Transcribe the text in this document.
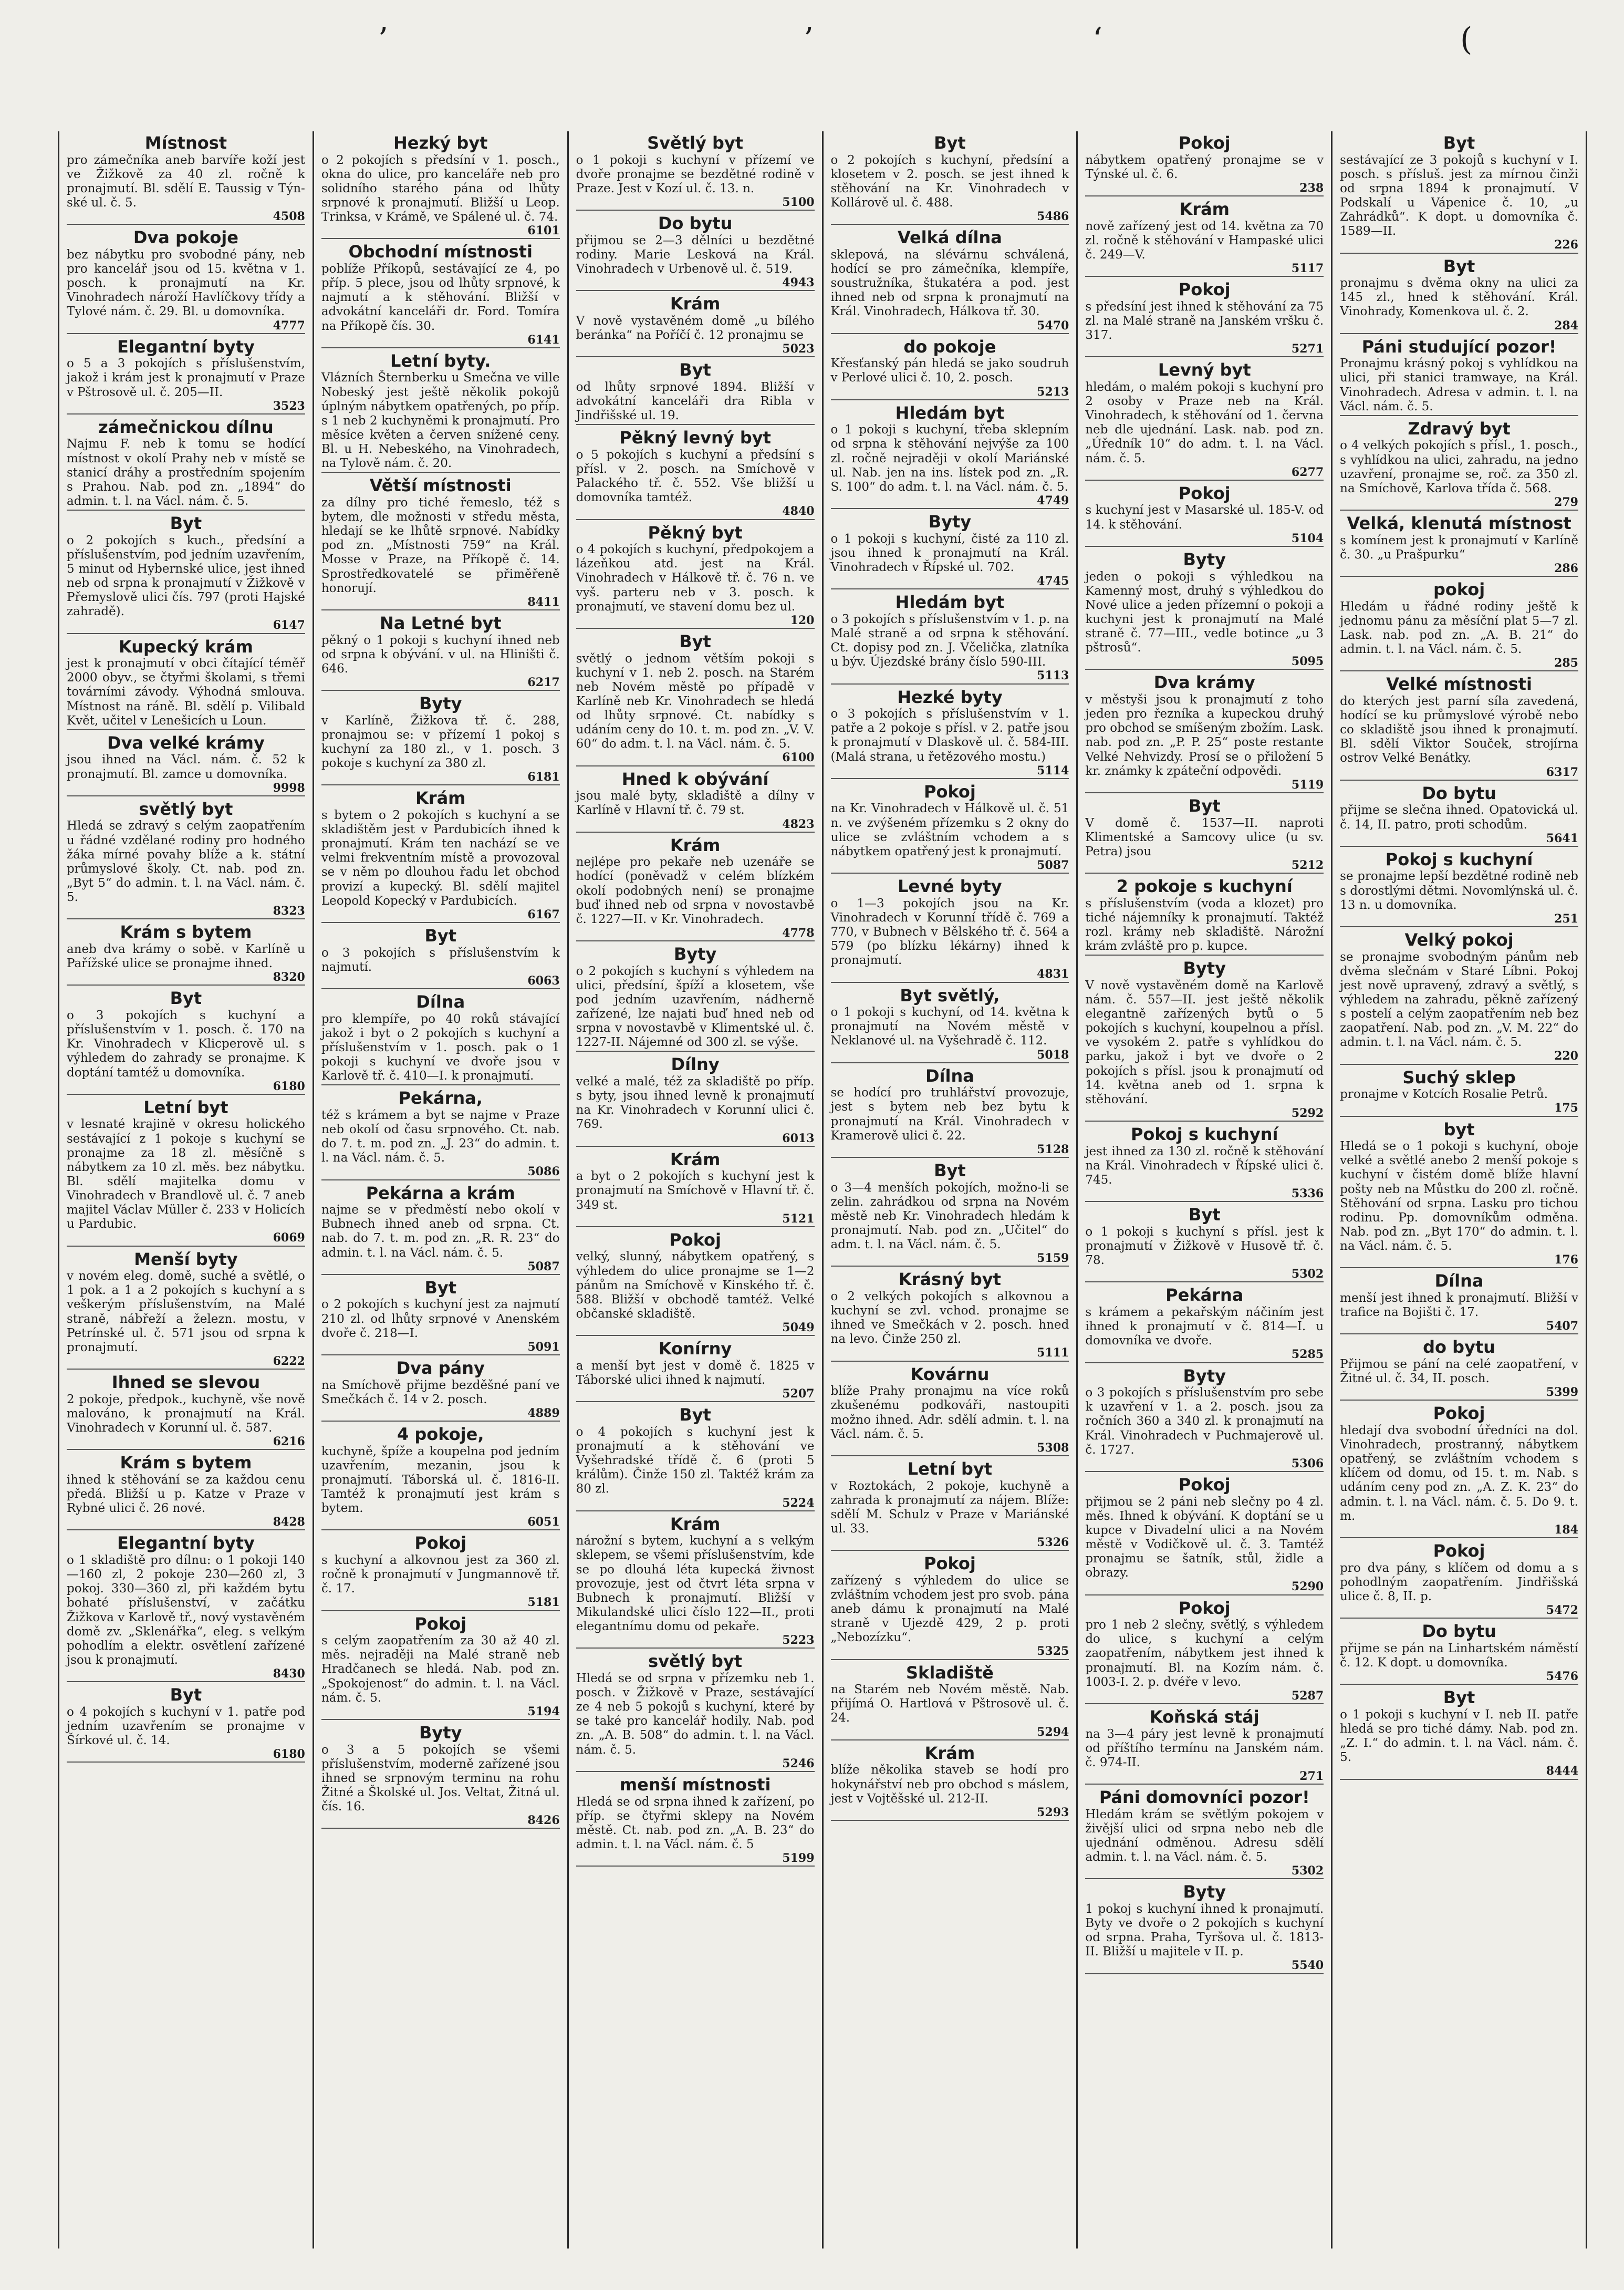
’	’	ʻ	(
Místnost

pro zámečníka aneb barvíře koží jest ve Žižkově za 40 zl. ročně k pronajmutí. Bl. sdělí E. Taussig v Týn-ské ul. č. 5.

4508
Dva pokoje

bez nábytku pro svobodné pány, neb pro kancelář jsou od 15. května v 1. posch. k pronajmutí na Kr. Vinohradech nároží Havlíčkovy třídy a Tylové nám. č. 29. Bl. u domovníka.

4777
Elegantní byty

o 5 a 3 pokojích s příslušenstvím, jakož i krám jest k pronajmutí v Praze v Pštrosově ul. č. 205—II.

3523
zámečnickou dílnu

Najmu F. neb k tomu se hodící místnost v okolí Prahy neb v místě se stanicí dráhy a prostředním spojením s Prahou. Nab. pod zn. „1894“ do admin. t. l. na Václ. nám. č. 5.

Byt

o 2 pokojích s kuch., předsíní a příslušenstvím, pod jedním uzavřením, 5 minut od Hybernské ulice, jest ihned neb od srpna k pronajmutí v Žižkově v Přemyslově ulici čís. 797 (proti Hajské zahradě).

6147
Kupecký krám

jest k pronajmutí v obci čítající téměř 2000 obyv., se čtyřmi školami, s třemi továrními závody. Výhodná smlouva. Místnost na ráně. Bl. sdělí p. Vilibald Květ, učitel v Lenešicích u Loun.

Dva velké krámy

jsou ihned na Václ. nám. č. 52 k pronajmutí. Bl. zamce u domovníka.

9998
světlý byt

Hledá se zdravý s celým zaopatřením u řádné vzdělané rodiny pro hodného žáka mírné povahy blíže a k. státní průmyslové školy. Ct. nab. pod zn. „Byt 5“ do admin. t. l. na Václ. nám. č. 5.

8323
Krám s bytem

aneb dva krámy o sobě. v Karlíně u Pařížské ulice se pronajme ihned.

8320
Byt

o 3 pokojích s kuchyní a příslušenstvím v 1. posch. č. 170 na Kr. Vinohradech v Klicperově ul. s výhledem do zahrady se pronajme. K doptání tamtéž u domovníka.

6180
Letní byt

v lesnaté krajině v okresu holického sestávající z 1 pokoje s kuchyní se pronajme za 18 zl. měsíčně s nábytkem za 10 zl. měs. bez nábytku. Bl. sdělí majitelka domu v Vinohradech v Brandlově ul. č. 7 aneb majitel Václav Müller č. 233 v Holicích u Pardubic.

6069
Menší byty

v novém eleg. domě, suché a světlé, o 1 pok. a 1 a 2 pokojích s kuchyní a s veškerým příslušenstvím, na Malé straně, nábřeží a železn. mostu, v Petrínské ul. č. 571 jsou od srpna k pronajmutí.

6222
Ihned se slevou

2 pokoje, předpok., kuchyně, vše nově malováno, k pronajmutí na Král. Vinohradech v Korunní ul. č. 587.

6216
Krám s bytem

ihned k stěhování se za každou cenu předá. Bližší u p. Katze v Praze v Rybné ulici č. 26 nové.

8428
Elegantní byty

o 1 skladiště pro dílnu: o 1 pokoji 140—160 zl, 2 pokoje 230—260 zl, 3 pokoj. 330—360 zl, při každém bytu bohaté příslušenství, v začátku Žižkova v Karlově tř., nový vystavěném domě zv. „Sklenářka“, eleg. s velkým pohodlím a elektr. osvětlení zařízené jsou k pronajmutí.

8430
Byt

o 4 pokojích s kuchyní v 1. patře pod jedním uzavřením se pronajme v Šírkové ul. č. 14.

6180
Hezký byt

o 2 pokojích s předsíní v 1. posch., okna do ulice, pro kanceláře neb pro solidního starého pána od lhůty srpnové k pronajmutí. Bližší u Leop. Trinksa, v Krámě, ve Spálené ul. č. 74.

6101
Obchodní místnosti

poblíže Příkopů, sestávající ze 4, po příp. 5 plece, jsou od lhůty srpnové, k najmutí a k stěhování. Bližší v advokátní kanceláři dr. Ford. Tomíra na Příkopě čís. 30.

6141
Letní byty.

Vlázních Šternberku u Smečna ve ville Nobeský jest ještě několik pokojů úplným nábytkem opatřených, po příp. s 1 neb 2 kuchyněmi k pronajmutí. Pro měsíce květen a červen snížené ceny. Bl. u H. Nebeského, na Vinohradech, na Tylově nám. č. 20.

Větší místnosti

za dílny pro tiché řemeslo, též s bytem, dle možnosti v středu města, hledají se ke lhůtě srpnové. Nabídky pod zn. „Místnosti 759“ na Král. Mosse v Praze, na Příkopě č. 14. Sprostředkovatelé se přiměřeně honorují.

8411
Na Letné byt

pěkný o 1 pokoji s kuchyní ihned neb od srpna k obývání. v ul. na Hliništi č. 646.

6217
Byty

v Karlíně, Žižkova tř. č. 288, pronajmou se: v přízemí 1 pokoj s kuchyní za 180 zl., v 1. posch. 3 pokoje s kuchyní za 380 zl.

6181
Krám

s bytem o 2 pokojích s kuchyní a se skladištěm jest v Pardubicích ihned k pronajmutí. Krám ten nachází se ve velmi frekventním místě a provozoval se v něm po dlouhou řadu let obchod provizí a kupecký. Bl. sdělí majitel Leopold Kopecký v Pardubicích.

6167
Byt

o 3 pokojích s příslušenstvím k najmutí.

6063
Dílna

pro klempíře, po 40 roků stávající jakož i byt o 2 pokojích s kuchyní a příslušenstvím v 1. posch. pak o 1 pokoji s kuchyní ve dvoře jsou v Karlově tř. č. 410—I. k pronajmutí.

Pekárna,

též s krámem a byt se najme v Praze neb okolí od času srpnového. Ct. nab. do 7. t. m. pod zn. „J. 23“ do admin. t. l. na Václ. nám. č. 5.

5086
Pekárna a krám

najme se v předměstí nebo okolí v Bubnech ihned aneb od srpna. Ct. nab. do 7. t. m. pod zn. „R. R. 23“ do admin. t. l. na Václ. nám. č. 5.

5087
Byt

o 2 pokojích s kuchyní jest za najmutí 210 zl. od lhůty srpnové v Anenském dvoře č. 218—I.

5091
Dva pány

na Smíchově přijme bezděšné paní ve Smečkách č. 14 v 2. posch.

4889
4 pokoje,

kuchyně, špíže a koupelna pod jedním uzavřením, mezanin, jsou k pronajmutí. Táborská ul. č. 1816-II. Tamtéž k pronajmutí jest krám s bytem.

6051
Pokoj

s kuchyní a alkovnou jest za 360 zl. ročně k pronajmutí v Jungmannově tř. č. 17.

5181
Pokoj

s celým zaopatřením za 30 až 40 zl. měs. nejraději na Malé straně neb Hradčanech se hledá. Nab. pod zn. „Spokojenost“ do admin. t. l. na Václ. nám. č. 5.

5194
Byty

o 3 a 5 pokojích se všemi příslušenstvím, moderně zařízené jsou ihned se srpnovým terminu na rohu Žitné a Školské ul. Jos. Veltat, Žitná ul. čís. 16.

8426
Světlý byt

o 1 pokoji s kuchyní v přízemí ve dvoře pronajme se bezdětné rodině v Praze. Jest v Kozí ul. č. 13. n.

5100
Do bytu

přijmou se 2—3 dělníci u bezdětné rodiny. Marie Lesková na Král. Vinohradech v Urbenově ul. č. 519.

4943
Krám

V nově vystavěném domě „u bílého beránka“ na Poříčí č. 12 pronajmu se

5023
Byt

od lhůty srpnové 1894. Bližší v advokátní kanceláři dra Ribla v Jindřišské ul. 19.

Pěkný levný byt

o 5 pokojích s kuchyní a předsíní s přísl. v 2. posch. na Smíchově v Palackého tř. č. 552. Vše bližší u domovníka tamtéž.

4840
Pěkný byt

o 4 pokojích s kuchyní, předpokojem a lázeňkou atd. jest na Král. Vinohradech v Hálkově tř. č. 76 n. ve vyš. parteru neb v 3. posch. k pronajmutí, ve stavení domu bez ul.

120
Byt

světlý o jednom větším pokoji s kuchyní v 1. neb 2. posch. na Starém neb Novém městě po případě v Karlíně neb Kr. Vinohradech se hledá od lhůty srpnové. Ct. nabídky s udáním ceny do 10. t. m. pod zn. „V. V. 60“ do adm. t. l. na Václ. nám. č. 5.

6100
Hned k obývání

jsou malé byty, skladiště a dílny v Karlíně v Hlavní tř. č. 79 st.

4823
Krám

nejlépe pro pekaře neb uzenáře se hodící (poněvadž v celém blízkém okolí podobných není) se pronajme buď ihned neb od srpna v novostavbě č. 1227—II. v Kr. Vinohradech.

4778
Byty

o 2 pokojích s kuchyní s výhledem na ulici, předsíní, špíží a klosetem, vše pod jedním uzavřením, nádherně zařízené, lze najati buď hned neb od srpna v novostavbě v Klimentské ul. č. 1227-II. Nájemné od 300 zl. se výše.

Dílny

velké a malé, též za skladiště po příp. s byty, jsou ihned levně k pronajmutí na Kr. Vinohradech v Korunní ulici č. 769.

6013
Krám

a byt o 2 pokojích s kuchyní jest k pronajmutí na Smíchově v Hlavní tř. č. 349 st.

5121
Pokoj

velký, slunný, nábytkem opatřený, s výhledem do ulice pronajme se 1—2 pánům na Smíchově v Kinského tř. č. 588. Bližší v obchodě tamtéž. Velké občanské skladiště.

5049
Konírny

a menší byt jest v domě č. 1825 v Táborské ulici ihned k najmutí.

5207
Byt

o 4 pokojích s kuchyní jest k pronajmutí a k stěhování ve Vyšehradské třídě č. 6 (proti 5 králům). Činže 150 zl. Taktéž krám za 80 zl.

5224
Krám

nárožní s bytem, kuchyní a s velkým sklepem, se všemi příslušenstvím, kde se po dlouhá léta kupecká živnost provozuje, jest od čtvrt léta srpna v Bubnech k pronajmutí. Bližší v Mikulandské ulici číslo 122—II., proti elegantnímu domu od pekaře.

5223
světlý byt

Hledá se od srpna v přízemku neb 1. posch. v Žižkově v Praze, sestávající ze 4 neb 5 pokojů s kuchyní, které by se také pro kancelář hodily. Nab. pod zn. „A. B. 508“ do admin. t. l. na Václ. nám. č. 5.

5246
menší místnosti

Hledá se od srpna ihned k zařízení, po příp. se čtyřmi sklepy na Novém městě. Ct. nab. pod zn. „A. B. 23“ do admin. t. l. na Václ. nám. č. 5

5199
Byt

o 2 pokojích s kuchyní, předsíní a klosetem v 2. posch. se jest ihned k stěhování na Kr. Vinohradech v Kollárově ul. č. 488.

5486
Velká dílna

sklepová, na slévárnu schválená, hodící se pro zámečníka, klempíře, soustružníka, štukatéra a pod. jest ihned neb od srpna k pronajmutí na Král. Vinohradech, Hálkova tř. 30.

5470
do pokoje

Křesťanský pán hledá se jako soudruh v Perlové ulici č. 10, 2. posch.

5213
Hledám byt

o 1 pokoji s kuchyní, třeba sklepním od srpna k stěhování nejvýše za 100 zl. ročně nejraději v okolí Mariánské ul. Nab. jen na ins. lístek pod zn. „R. S. 100“ do adm. t. l. na Václ. nám. č. 5.

4749
Byty

o 1 pokoji s kuchyní, čisté za 110 zl. jsou ihned k pronajmutí na Král. Vinohradech v Řípské ul. 702.

4745
Hledám byt

o 3 pokojích s příslušenstvím v 1. p. na Malé straně a od srpna k stěhování. Ct. dopisy pod zn. J. Včelička, zlatníka u býv. Újezdské brány číslo 590-III.

5113
Hezké byty

o 3 pokojích s příslušenstvím v 1. patře a 2 pokoje s přísl. v 2. patře jsou k pronajmutí v Dlaskově ul. č. 584-III. (Malá strana, u řetězového mostu.)

5114
Pokoj

na Kr. Vinohradech v Hálkově ul. č. 51 n. ve zvýšeném přízemku s 2 okny do ulice se zvláštním vchodem a s nábytkem opatřený jest k pronajmutí.

5087
Levné byty

o 1—3 pokojích jsou na Kr. Vinohradech v Korunní třídě č. 769 a 770, v Bubnech v Bělského tř. č. 564 a 579 (po blízku lékárny) ihned k pronajmutí.

4831
Byt světlý,

o 1 pokoji s kuchyní, od 14. května k pronajmutí na Novém městě v Neklanové ul. na Vyšehradě č. 112.

5018
Dílna

se hodící pro truhlářství provozuje, jest s bytem neb bez bytu k pronajmutí na Král. Vinohradech v Kramerově ulici č. 22.

5128
Byt

o 3—4 menších pokojích, možno-li se zelin. zahrádkou od srpna na Novém městě neb Kr. Vinohradech hledám k pronajmutí. Nab. pod zn. „Učitel“ do adm. t. l. na Václ. nám. č. 5.

5159
Krásný byt

o 2 velkých pokojích s alkovnou a kuchyní se zvl. vchod. pronajme se ihned ve Smečkách v 2. posch. hned na levo. Činže 250 zl.

5111
Kovárnu

blíže Prahy pronajmu na více roků zkušenému podkováři, nastoupiti možno ihned. Adr. sdělí admin. t. l. na Václ. nám. č. 5.

5308
Letní byt

v Roztokách, 2 pokoje, kuchyně a zahrada k pronajmutí za nájem. Blíže: sdělí M. Schulz v Praze v Mariánské ul. 33.

5326
Pokoj

zařízený s výhledem do ulice se zvláštním vchodem jest pro svob. pána aneb dámu k pronajmutí na Malé straně v Ujezdě 429, 2 p. proti „Nebozízku“.

5325
Skladiště

na Starém neb Novém městě. Nab. přijímá O. Hartlová v Pštrosově ul. č. 24.

5294
Krám

blíže několika staveb se hodí pro hokynářství neb pro obchod s máslem, jest v Vojtěšské ul. 212-II.

5293
Pokoj

nábytkem opatřený pronajme se v Týnské ul. č. 6.

238
Krám

nově zařízený jest od 14. května za 70 zl. ročně k stěhování v Hampaské ulici č. 249—V.

5117
Pokoj

s předsíní jest ihned k stěhování za 75 zl. na Malé straně na Janském vršku č. 317.

5271
Levný byt

hledám, o malém pokoji s kuchyní pro 2 osoby v Praze neb na Král. Vinohradech, k stěhování od 1. června neb dle ujednání. Lask. nab. pod zn. „Úředník 10“ do adm. t. l. na Václ. nám. č. 5.

6277
Pokoj

s kuchyní jest v Masarské ul. 185-V. od 14. k stěhování.

5104
Byty

jeden o pokoji s výhledkou na Kamenný most, druhý s výhledkou do Nové ulice a jeden přízemní o pokoji a kuchyni jest k pronajmutí na Malé straně č. 77—III., vedle botince „u 3 pštrosů“.

5095
Dva krámy

v městyši jsou k pronajmutí z toho jeden pro řezníka a kupeckou druhý pro obchod se smíšeným zbožím. Lask. nab. pod zn. „P. P. 25“ poste restante Velké Nehvizdy. Prosí se o přiložení 5 kr. známky k zpáteční odpovědi.

5119
Byt

V domě č. 1537—II. naproti Klimentské a Samcovy ulice (u sv. Petra) jsou

5212
2 pokoje s kuchyní

s příslušenstvím (voda a klozet) pro tiché nájemníky k pronajmutí. Taktéž rozl. krámy neb skladiště. Nárožní krám zvláště pro p. kupce.

Byty

V nově vystavěném domě na Karlově nám. č. 557—II. jest ještě několik elegantně zařízených bytů o 5 pokojích s kuchyní, koupelnou a přísl. ve vysokém 2. patře s vyhlídkou do parku, jakož i byt ve dvoře o 2 pokojích s přísl. jsou k pronajmutí od 14. května aneb od 1. srpna k stěhování.

5292
Pokoj s kuchyní

jest ihned za 130 zl. ročně k stěhování na Král. Vinohradech v Řípské ulici č. 745.

5336
Byt

o 1 pokoji s kuchyní s přísl. jest k pronajmutí v Žižkově v Husově tř. č. 78.

5302
Pekárna

s krámem a pekařským náčiním jest ihned k pronajmutí v č. 814—I. u domovníka ve dvoře.

5285
Byty

o 3 pokojích s příslušenstvím pro sebe k uzavření v 1. a 2. posch. jsou za ročních 360 a 340 zl. k pronajmutí na Král. Vinohradech v Puchmajerově ul. č. 1727.

5306
Pokoj

přijmou se 2 páni neb slečny po 4 zl. měs. Ihned k obývání. K doptání se u kupce v Divadelní ulici a na Novém městě v Vodičkově ul. č. 3. Tamtéž pronajmu se šatník, stůl, židle a obrazy.

5290
Pokoj

pro 1 neb 2 slečny, světlý, s výhledem do ulice, s kuchyní a celým zaopatřením, nábytkem jest ihned k pronajmutí. Bl. na Kozím nám. č. 1003-I. 2. p. dvéře v levo.

5287
Koňská stáj

na 3—4 páry jest levně k pronajmutí od příštího termínu na Janském nám. č. 974-II.

271
Páni domovníci pozor!

Hledám krám se světlým pokojem v živější ulici od srpna nebo neb dle ujednání odměnou. Adresu sdělí admin. t. l. na Václ. nám. č. 5.

5302
Byty

1 pokoj s kuchyní ihned k pronajmutí. Byty ve dvoře o 2 pokojích s kuchyní od srpna. Praha, Tyršova ul. č. 1813-II. Bližší u majitele v II. p.

5540
Byt

sestávající ze 3 pokojů s kuchyní v I. posch. s přísluš. jest za mírnou činži od srpna 1894 k pronajmutí. V Podskalí u Vápenice č. 10, „u Zahrádků“. K dopt. u domovníka č. 1589—II.

226
Byt

pronajmu s dvěma okny na ulici za 145 zl., hned k stěhování. Král. Vinohrady, Komenkova ul. č. 2.

284
Páni studující pozor!

Pronajmu krásný pokoj s vyhlídkou na ulici, při stanici tramwaye, na Král. Vinohradech. Adresa v admin. t. l. na Václ. nám. č. 5.

Zdravý byt

o 4 velkých pokojích s přísl., 1. posch., s vyhlídkou na ulici, zahradu, na jedno uzavření, pronajme se, roč. za 350 zl. na Smíchově, Karlova třída č. 568.

279
Velká, klenutá místnost

s komínem jest k pronajmutí v Karlíně č. 30. „u Prašpurku“

286
pokoj

Hledám u řádné rodiny ještě k jednomu pánu za měsíční plat 5—7 zl. Lask. nab. pod zn. „A. B. 21“ do admin. t. l. na Václ. nám. č. 5.

285
Velké místnosti

do kterých jest parní síla zavedená, hodící se ku průmyslové výrobě nebo co skladiště jsou ihned k pronajmutí. Bl. sdělí Viktor Souček, strojírna ostrov Velké Benátky.

6317
Do bytu

přijme se slečna ihned. Opatovická ul. č. 14, II. patro, proti schodům.

5641
Pokoj s kuchyní

se pronajme lepší bezdětné rodině neb s dorostlými dětmi. Novomlýnská ul. č. 13 n. u domovníka.

251
Velký pokoj

se pronajme svobodným pánům neb dvěma slečnám v Staré Líbni. Pokoj jest nově upravený, zdravý a světlý, s výhledem na zahradu, pěkně zařízený s postelí a celým zaopatřením neb bez zaopatření. Nab. pod zn. „V. M. 22“ do admin. t. l. na Václ. nám. č. 5.

220
Suchý sklep

pronajme v Kotcích Rosalie Petrů.

175
byt

Hledá se o 1 pokoji s kuchyní, oboje velké a světlé anebo 2 menší pokoje s kuchyní v čistém domě blíže hlavní pošty neb na Můstku do 200 zl. ročně. Stěhování od srpna. Lasku pro tichou rodinu. Pp. domovníkům odměna. Nab. pod zn. „Byt 170“ do admin. t. l. na Václ. nám. č. 5.

176
Dílna

menší jest ihned k pronajmutí. Bližší v trafice na Bojišti č. 17.

5407
do bytu

Přijmou se pání na celé zaopatření, v Žitné ul. č. 34, II. posch.

5399
Pokoj

hledají dva svobodní úředníci na dol. Vinohradech, prostranný, nábytkem opatřený, se zvláštním vchodem s klíčem od domu, od 15. t. m. Nab. s udáním ceny pod zn. „A. Z. K. 23“ do admin. t. l. na Václ. nám. č. 5. Do 9. t. m.

184
Pokoj

pro dva pány, s klíčem od domu a s pohodlným zaopatřením. Jindřišská ulice č. 8, II. p.

5472
Do bytu

přijme se pán na Linhartském náměstí č. 12. K dopt. u domovníka.

5476
Byt

o 1 pokoji s kuchyní v I. neb II. patře hledá se pro tiché dámy. Nab. pod zn. „Z. I.“ do admin. t. l. na Václ. nám. č. 5.

8444
